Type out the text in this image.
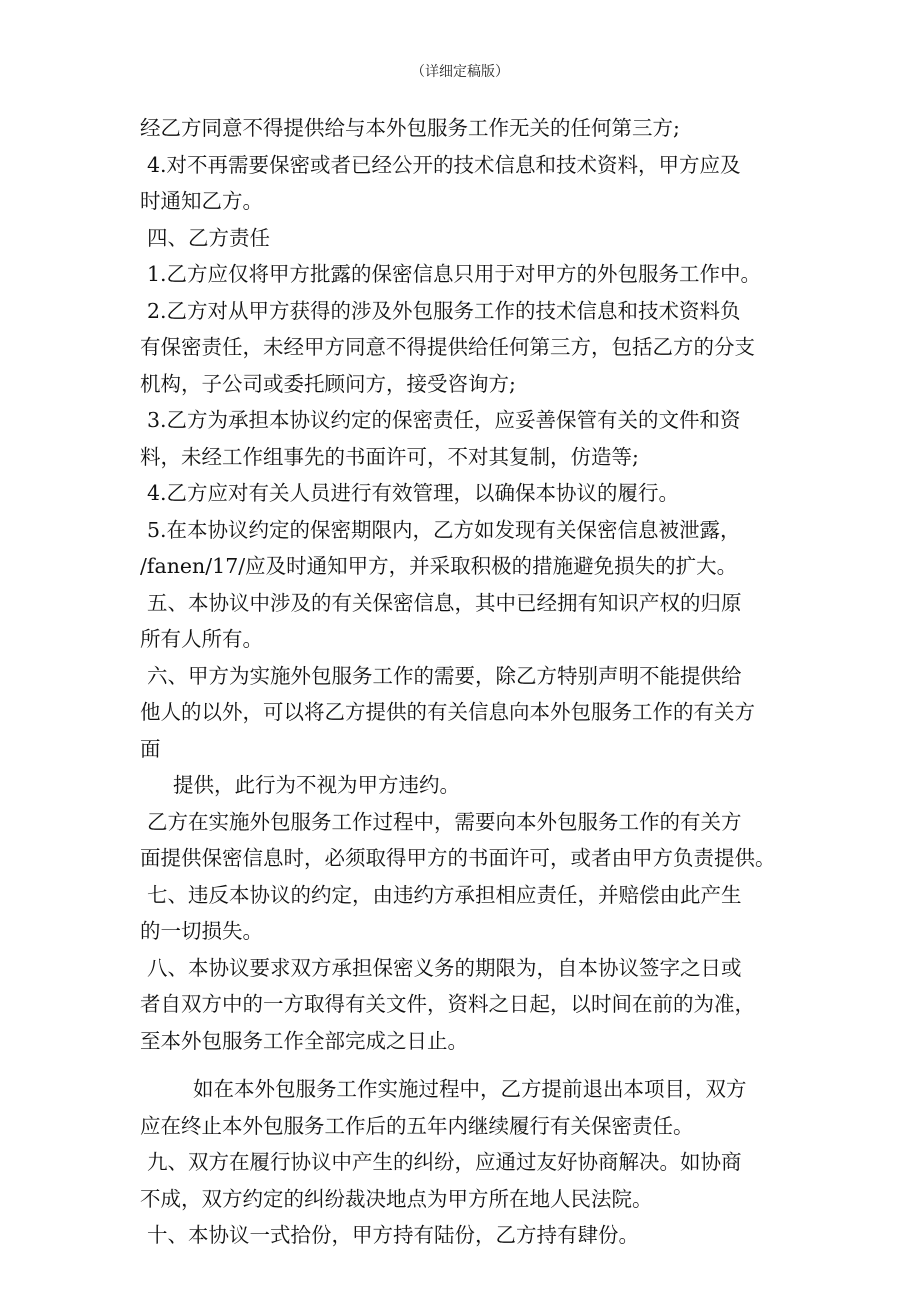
（详细定稿版）
经乙方同意不得提供给与本外包服务工作无关的任何第三方;
4.对不再需要保密或者已经公开的技术信息和技术资料，甲方应及
时通知乙方。
四、乙方责任
1.乙方应仅将甲方批露的保密信息只用于对甲方的外包服务工作中。
2.乙方对从甲方获得的涉及外包服务工作的技术信息和技术资料负
有保密责任，未经甲方同意不得提供给任何第三方，包括乙方的分支
机构，子公司或委托顾问方，接受咨询方;
3.乙方为承担本协议约定的保密责任，应妥善保管有关的文件和资
料，未经工作组事先的书面许可，不对其复制，仿造等;
4.乙方应对有关人员进行有效管理，以确保本协议的履行。
5.在本协议约定的保密期限内，乙方如发现有关保密信息被泄露，
/fanen/17/应及时通知甲方，并采取积极的措施避免损失的扩大。
五、本协议中涉及的有关保密信息，其中已经拥有知识产权的归原
所有人所有。
六、甲方为实施外包服务工作的需要，除乙方特别声明不能提供给
他人的以外，可以将乙方提供的有关信息向本外包服务工作的有关方
面
提供，此行为不视为甲方违约。
乙方在实施外包服务工作过程中，需要向本外包服务工作的有关方
面提供保密信息时，必须取得甲方的书面许可，或者由甲方负责提供。
七、违反本协议的约定，由违约方承担相应责任，并赔偿由此产生
的一切损失。
八、本协议要求双方承担保密义务的期限为，自本协议签字之日或
者自双方中的一方取得有关文件，资料之日起，以时间在前的为准，
至本外包服务工作全部完成之日止。
如在本外包服务工作实施过程中，乙方提前退出本项目，双方
应在终止本外包服务工作后的五年内继续履行有关保密责任。
九、双方在履行协议中产生的纠纷，应通过友好协商解决。如协商
不成，双方约定的纠纷裁决地点为甲方所在地人民法院。
十、本协议一式拾份，甲方持有陆份，乙方持有肆份。
